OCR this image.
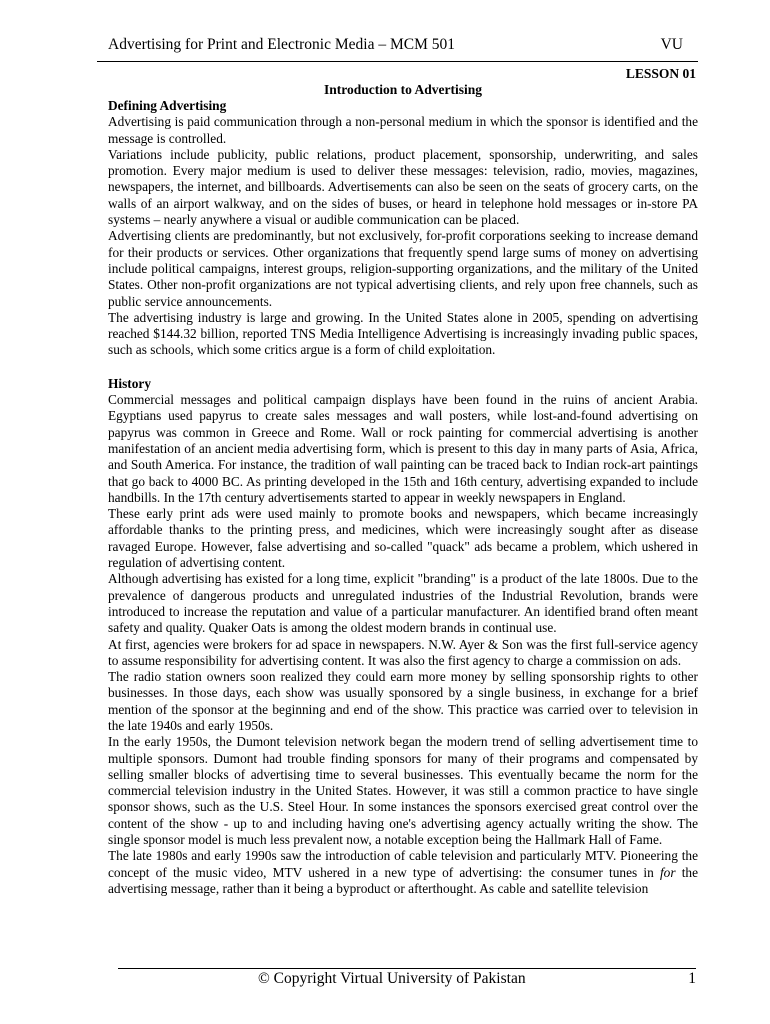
Advertising for Print and Electronic Media – MCM 501	VU
LESSON 01
Introduction to Advertising
Defining Advertising

Advertising is paid communication through a non-personal medium in which the sponsor is identified and the message is controlled.

Variations include publicity, public relations, product placement, sponsorship, underwriting, and sales promotion. Every major medium is used to deliver these messages: television, radio, movies, magazines, newspapers, the internet, and billboards. Advertisements can also be seen on the seats of grocery carts, on the walls of an airport walkway, and on the sides of buses, or heard in telephone hold messages or in-store PA systems – nearly anywhere a visual or audible communication can be placed.

Advertising clients are predominantly, but not exclusively, for-profit corporations seeking to increase demand for their products or services. Other organizations that frequently spend large sums of money on advertising include political campaigns, interest groups, religion-supporting organizations, and the military of the United States. Other non-profit organizations are not typical advertising clients, and rely upon free channels, such as public service announcements.

The advertising industry is large and growing. In the United States alone in 2005, spending on advertising reached $144.32 billion, reported TNS Media Intelligence Advertising is increasingly invading public spaces, such as schools, which some critics argue is a form of child exploitation.

History

Commercial messages and political campaign displays have been found in the ruins of ancient Arabia. Egyptians used papyrus to create sales messages and wall posters, while lost-and-found advertising on papyrus was common in Greece and Rome. Wall or rock painting for commercial advertising is another manifestation of an ancient media advertising form, which is present to this day in many parts of Asia, Africa, and South America. For instance, the tradition of wall painting can be traced back to Indian rock-art paintings that go back to 4000 BC. As printing developed in the 15th and 16th century, advertising expanded to include handbills. In the 17th century advertisements started to appear in weekly newspapers in England.

These early print ads were used mainly to promote books and newspapers, which became increasingly affordable thanks to the printing press, and medicines, which were increasingly sought after as disease ravaged Europe. However, false advertising and so-called "quack" ads became a problem, which ushered in regulation of advertising content.

Although advertising has existed for a long time, explicit "branding" is a product of the late 1800s. Due to the prevalence of dangerous products and unregulated industries of the Industrial Revolution, brands were introduced to increase the reputation and value of a particular manufacturer. An identified brand often meant safety and quality. Quaker Oats is among the oldest modern brands in continual use.

At first, agencies were brokers for ad space in newspapers. N.W. Ayer & Son was the first full-service agency to assume responsibility for advertising content. It was also the first agency to charge a commission on ads.

The radio station owners soon realized they could earn more money by selling sponsorship rights to other businesses. In those days, each show was usually sponsored by a single business, in exchange for a brief mention of the sponsor at the beginning and end of the show. This practice was carried over to television in the late 1940s and early 1950s.

In the early 1950s, the Dumont television network began the modern trend of selling advertisement time to multiple sponsors. Dumont had trouble finding sponsors for many of their programs and compensated by selling smaller blocks of advertising time to several businesses. This eventually became the norm for the commercial television industry in the United States. However, it was still a common practice to have single sponsor shows, such as the U.S. Steel Hour. In some instances the sponsors exercised great control over the content of the show - up to and including having one's advertising agency actually writing the show. The single sponsor model is much less prevalent now, a notable exception being the Hallmark Hall of Fame.

The late 1980s and early 1990s saw the introduction of cable television and particularly MTV. Pioneering the concept of the music video, MTV ushered in a new type of advertising: the consumer tunes in for the advertising message, rather than it being a byproduct or afterthought. As cable and satellite television

© Copyright Virtual University of Pakistan	1
